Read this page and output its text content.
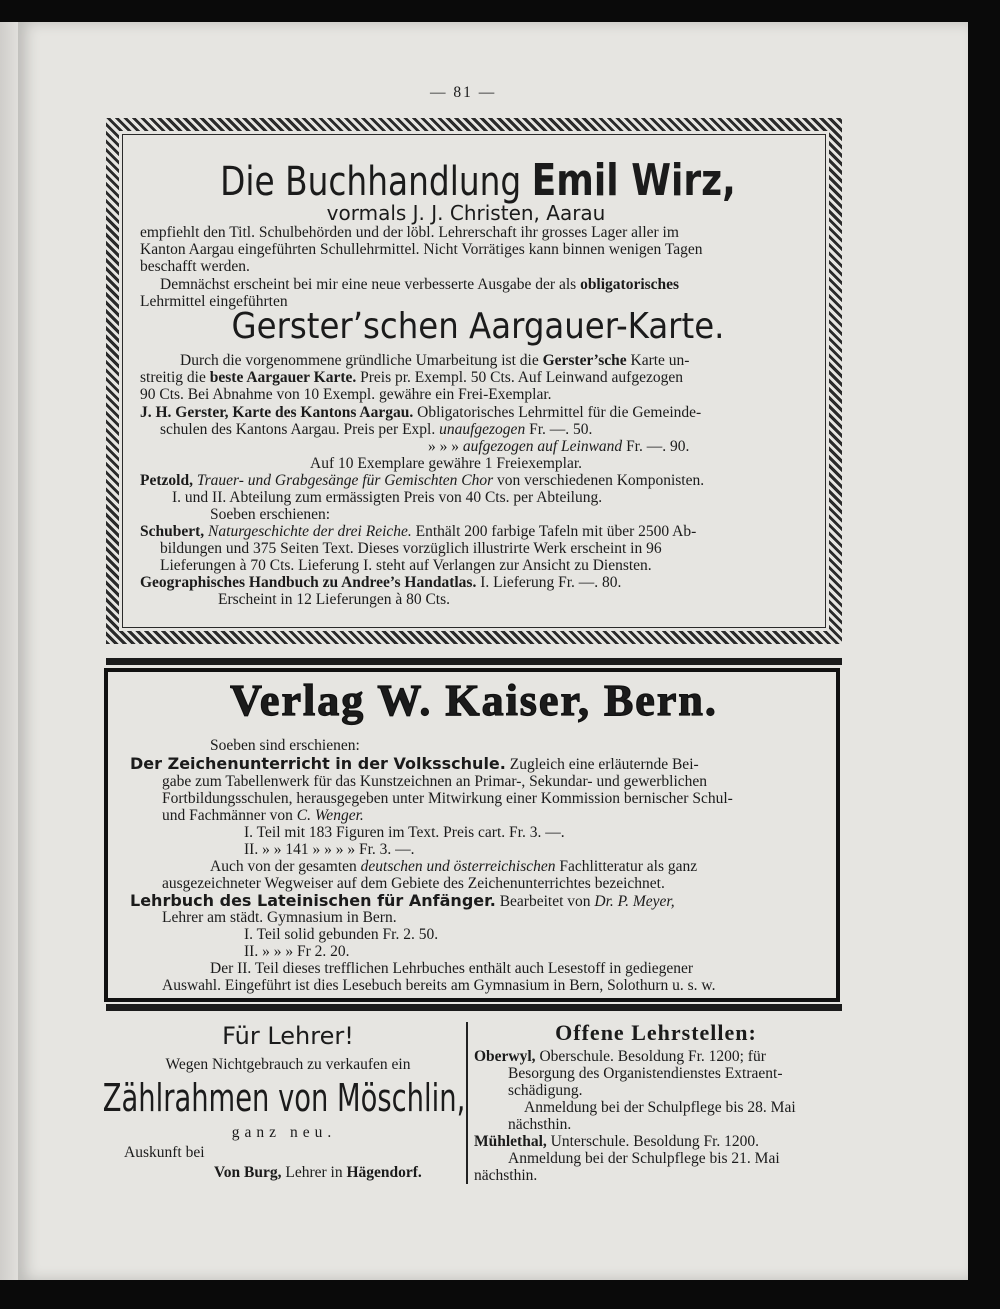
— 81 —
Die Buchhandlung Emil Wirz,
vormals J. J. Christen, Aarau
empfiehlt den Titl. Schulbehörden und der löbl. Lehrerschaft ihr grosses Lager aller im
Kanton Aargau eingeführten Schullehrmittel. Nicht Vorrätiges kann binnen wenigen Tagen
beschafft werden.
Demnächst erscheint bei mir eine neue verbesserte Ausgabe der als obligatorisches
Lehrmittel eingeführten
Gerster’schen Aargauer-Karte.
Durch die vorgenommene gründliche Umarbeitung ist die Gerster’sche Karte un-
streitig die beste Aargauer Karte. Preis pr. Exempl. 50 Cts. Auf Leinwand aufgezogen
90 Cts. Bei Abnahme von 10 Exempl. gewähre ein Frei-Exemplar.
J. H. Gerster, Karte des Kantons Aargau. Obligatorisches Lehrmittel für die Gemeinde-
schulen des Kantons Aargau. Preis per Expl. unaufgezogen Fr. —. 50.
» » » aufgezogen auf Leinwand Fr. —. 90.
Auf 10 Exemplare gewähre 1 Freiexemplar.
Petzold, Trauer- und Grabgesänge für Gemischten Chor von verschiedenen Komponisten.
I. und II. Abteilung zum ermässigten Preis von 40 Cts. per Abteilung.
Soeben erschienen:
Schubert, Naturgeschichte der drei Reiche. Enthält 200 farbige Tafeln mit über 2500 Ab-
bildungen und 375 Seiten Text. Dieses vorzüglich illustrirte Werk erscheint in 96
Lieferungen à 70 Cts. Lieferung I. steht auf Verlangen zur Ansicht zu Diensten.
Geographisches Handbuch zu Andree’s Handatlas. I. Lieferung Fr. —. 80.
Erscheint in 12 Lieferungen à 80 Cts.
Verlag W. Kaiser, Bern.
Soeben sind erschienen:
Der Zeichenunterricht in der Volksschule. Zugleich eine erläuternde Bei-
gabe zum Tabellenwerk für das Kunstzeichnen an Primar-, Sekundar- und gewerblichen
Fortbildungsschulen, herausgegeben unter Mitwirkung einer Kommission bernischer Schul-
und Fachmänner von C. Wenger.
I. Teil mit 183 Figuren im Text. Preis cart. Fr. 3. —.
II. » » 141 » » » » Fr. 3. —.
Auch von der gesamten deutschen und österreichischen Fachlitteratur als ganz
ausgezeichneter Wegweiser auf dem Gebiete des Zeichenunterrichtes bezeichnet.
Lehrbuch des Lateinischen für Anfänger. Bearbeitet von Dr. P. Meyer,
Lehrer am städt. Gymnasium in Bern.
I. Teil solid gebunden Fr. 2. 50.
II. » » » Fr 2. 20.
Der II. Teil dieses trefflichen Lehrbuches enthält auch Lesestoff in gediegener
Auswahl. Eingeführt ist dies Lesebuch bereits am Gymnasium in Bern, Solothurn u. s. w.
Für Lehrer!
Wegen Nichtgebrauch zu verkaufen ein
Zählrahmen von Möschlin,
ganz neu.
Auskunft bei
Von Burg, Lehrer in Hägendorf.
Offene Lehrstellen:
Oberwyl, Oberschule. Besoldung Fr. 1200; für
Besorgung des Organistendienstes Extraent-
schädigung.
Anmeldung bei der Schulpflege bis 28. Mai
nächsthin.
Mühlethal, Unterschule. Besoldung Fr. 1200.
Anmeldung bei der Schulpflege bis 21. Mai
nächsthin.
